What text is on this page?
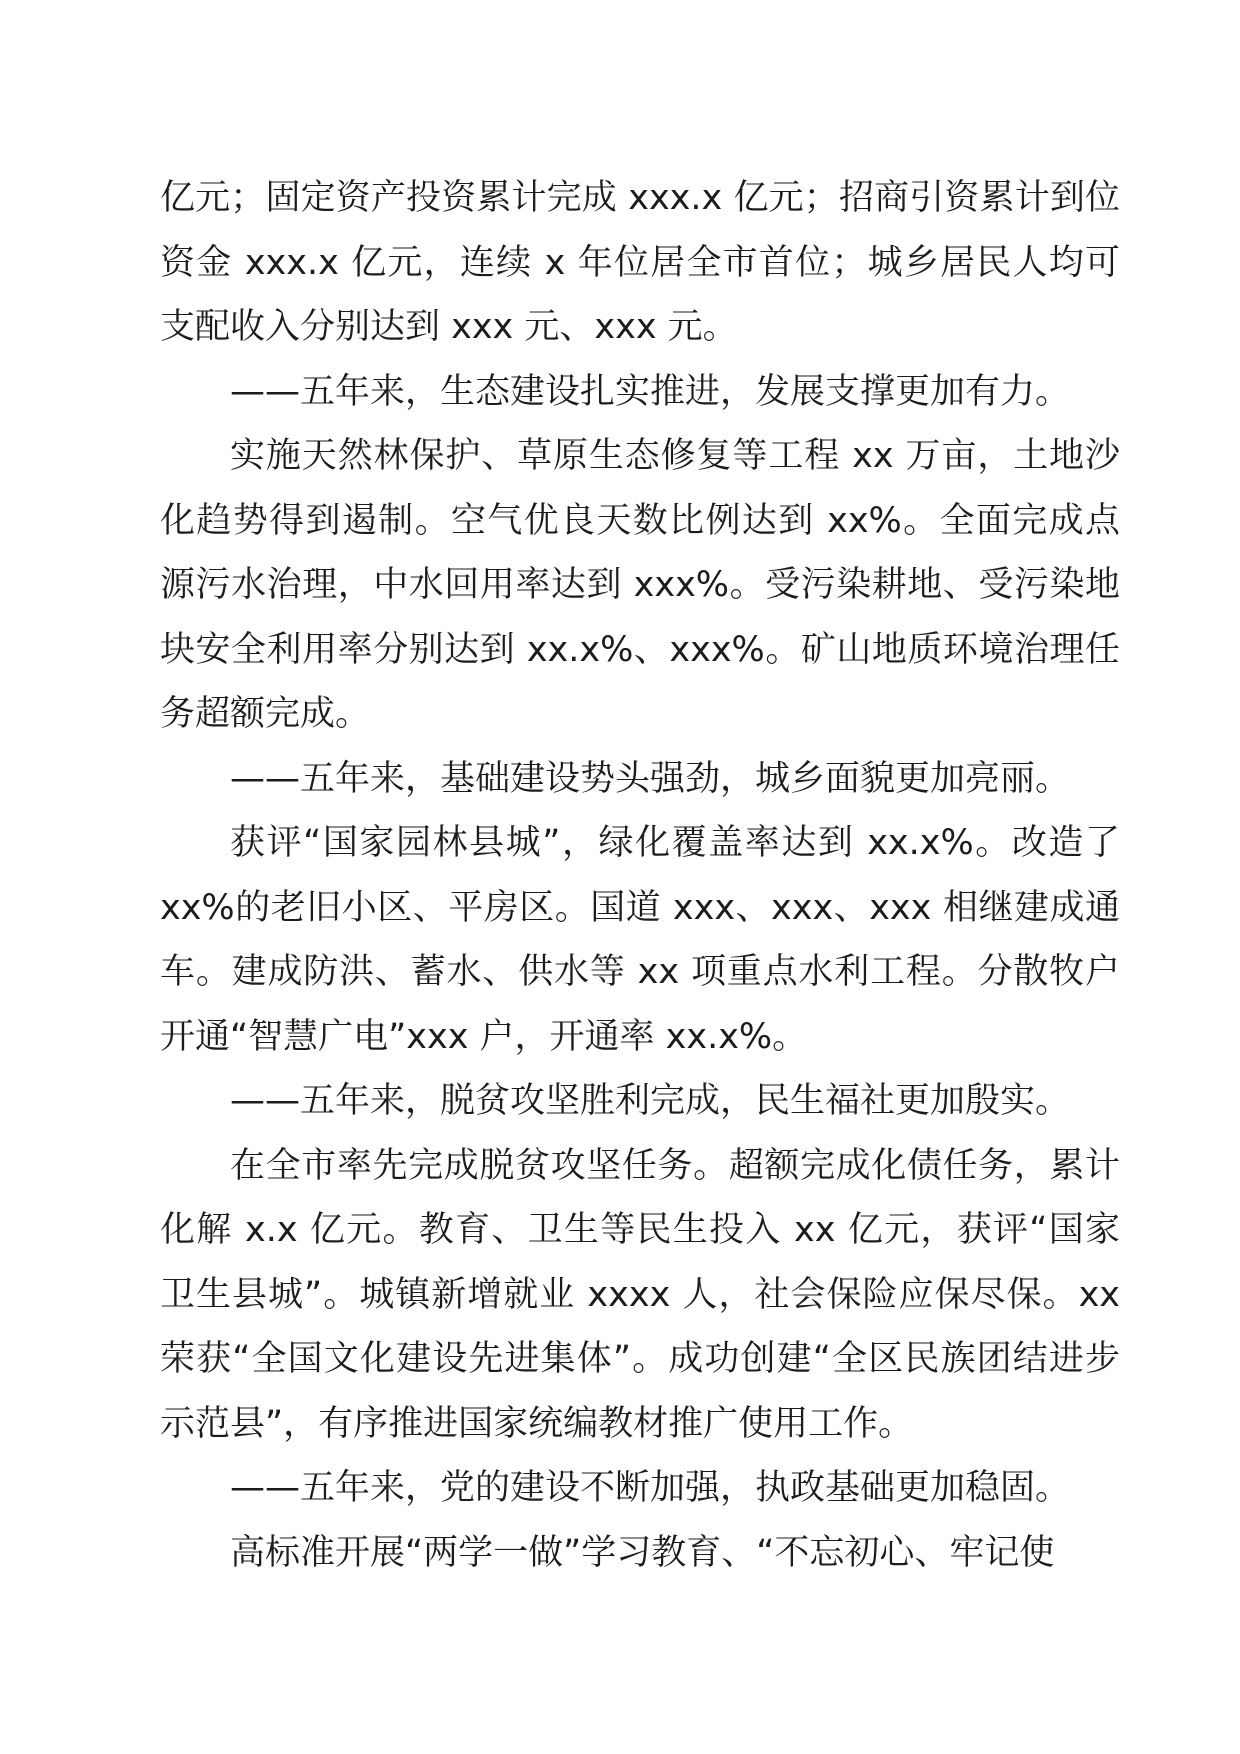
亿元；固定资产投资累计完成 xxx.x 亿元；招商引资累计到位资金 xxx.x 亿元，连续 x 年位居全市首位；城乡居民人均可支配收入分别达到 xxx 元、xxx 元。

——五年来，生态建设扎实推进，发展支撑更加有力。

实施天然林保护、草原生态修复等工程 xx 万亩，土地沙化趋势得到遏制。空气优良天数比例达到 xx%。全面完成点源污水治理，中水回用率达到 xxx%。受污染耕地、受污染地块安全利用率分别达到 xx.x%、xxx%。矿山地质环境治理任务超额完成。

——五年来，基础建设势头强劲，城乡面貌更加亮丽。

获评“国家园林县城”，绿化覆盖率达到 xx.x%。改造了 xx%的老旧小区、平房区。国道 xxx、xxx、xxx 相继建成通车。建成防洪、蓄水、供水等 xx 项重点水利工程。分散牧户开通“智慧广电”xxx 户，开通率 xx.x%。

——五年来，脱贫攻坚胜利完成，民生福社更加殷实。

在全市率先完成脱贫攻坚任务。超额完成化债任务，累计化解 x.x 亿元。教育、卫生等民生投入 xx 亿元，获评“国家卫生县城”。城镇新增就业 xxxx 人，社会保险应保尽保。xx 荣获“全国文化建设先进集体”。成功创建“全区民族团结进步示范县”，有序推进国家统编教材推广使用工作。

——五年来，党的建设不断加强，执政基础更加稳固。

高标准开展“两学一做”学习教育、“不忘初心、牢记使
